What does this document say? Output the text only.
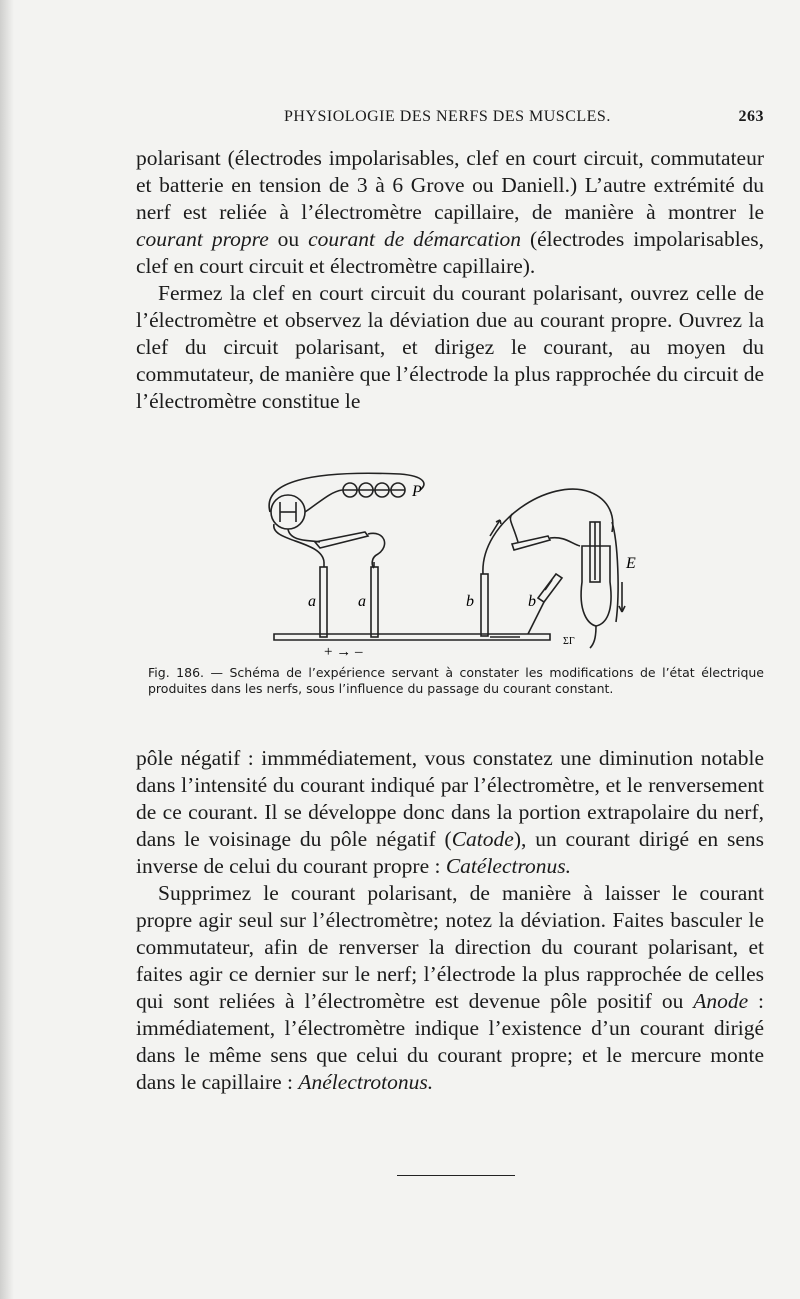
PHYSIOLOGIE DES NERFS DES MUSCLES.	263

polarisant (électrodes impolarisables, clef en court circuit, commutateur et batterie en tension de 3 à 6 Grove ou Daniell.) L’autre extrémité du nerf est reliée à l’électromètre capillaire, de manière à montrer le courant propre ou courant de démarcation (électrodes impolarisables, clef en court circuit et électromètre capillaire).

Fermez la clef en court circuit du courant polarisant, ouvrez celle de l’électromètre et observez la déviation due au courant propre. Ouvrez la clef du circuit polarisant, et dirigez le courant, au moyen du commutateur, de manière que l’électrode la plus rapprochée du circuit de l’électromètre constitue le

P
E
a	a	b	b
+ → –
ΣΓ
Fig. 186. — Schéma de l’expérience servant à constater les modifications de l’état électrique produites dans les nerfs, sous l’influence du passage du courant constant.

pôle négatif : immmédiatement, vous constatez une diminution notable dans l’intensité du courant indiqué par l’électromètre, et le renversement de ce courant. Il se développe donc dans la portion extrapolaire du nerf, dans le voisinage du pôle négatif (Catode), un courant dirigé en sens inverse de celui du courant propre : Catélectronus.

Supprimez le courant polarisant, de manière à laisser le courant propre agir seul sur l’électromètre; notez la déviation. Faites basculer le commutateur, afin de renverser la direction du courant polarisant, et faites agir ce dernier sur le nerf; l’électrode la plus rapprochée de celles qui sont reliées à l’électromètre est devenue pôle positif ou Anode : immédiatement, l’électromètre indique l’existence d’un courant dirigé dans le même sens que celui du courant propre; et le mercure monte dans le capillaire : Anélectrotonus.
